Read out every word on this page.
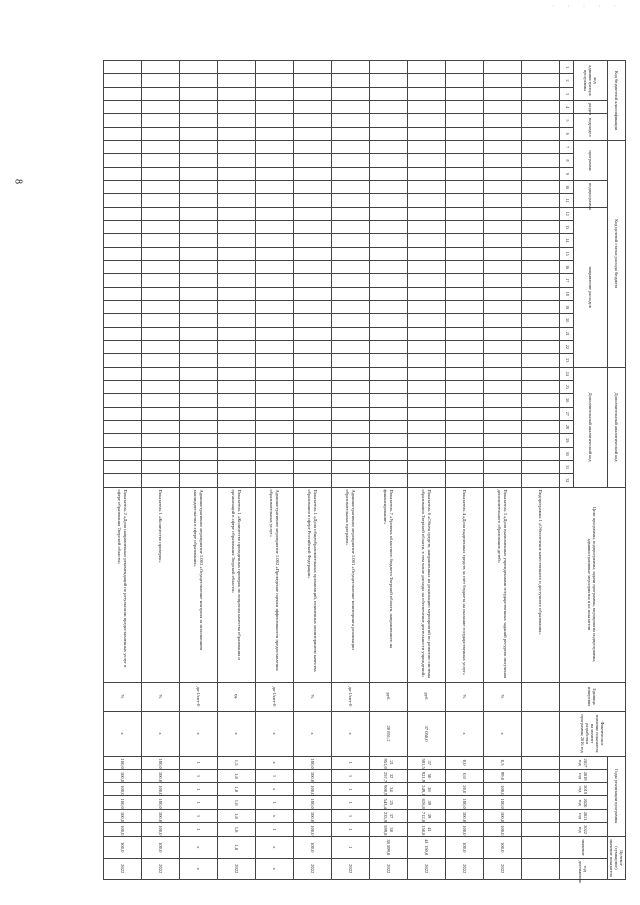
· · · · ·
8
Код бюджетной классификации						Код целевой статьи расхода бюджета																	Дополнительный аналитический код									Цели программы, подпрограммы, задачи программы, мероприятия подпрограммы, административные мероприятия и их показатели	Единица измерения	Фактическое значение показателя на момент разработки программы 2016 год	Годы реализации программы						Целевое (суммарное) значение показателя	
код администратора программы			раздел	подраздел		программа			подпрограмма		направление расходов												Дополнительный аналитический код												2017 год	2018 год	2019 год	2020 год	2021 год	2022 год	значение	год достижения
1	2	3	4	5	6	7	8	9	10	11	12	13	14	15	16	17	18	19	20	21	22	23	24	25	26	27	28	29	30	31	32											
																																Подпрограмма 1 «Обеспечение качественного и доступного образования»										
																																Показатель 3 «Доля выполненных учреждениями государственных заданий ресурсов получения дополнительного образования детей»	%	х	0,5	99,0	100,0	100,0	100,0	100,0	100,0	2022
																																Показатель 4 «Доля выделенных средств за счёт бюджета на оказание государственных услуг»	%	х	0,0	0,0	20,0	100,0	100,0	100,0	100,0	2022
																																Показатель 6 «Объем средств, направленных на реализацию мероприятий по развитию системы образования Тверской области, в том числе расходы на обеспечение деятельности учреждений»	руб.	37 050,0	37 591,5	50 921,9	38 249,1	39 826,8	39 712,8	41 150,8	41 150,8	2022
																																Показатель 7 «Уровень областного бюджета Тверской области, направленного на финансирование»	руб.	20 851,2	21 951,0	32 257,7	34 900,9	25 543,4	37 235,9	38 599,8	38 599,8	2022
																																Административное мероприятие 1.001 «Осуществление мониторинга реализации образовательных программ»	да-1/нет-0	х	1	1	1	1	1	1	1	2022
																																Показатель 1 «Доля общеобразовательных организаций, охваченных мониторингом качества образования в сфере Российской Федерации»	%	х	100,0	100,0	100,0	100,0	100,0	100,0	100,0	2022
																																Административное мероприятие 1.002 «Проведение оценки эффективности предоставления образовательных услуг»	да-1/нет-0	х	х	1	х	1	х	1	х	х
																																Показатель 1 «Количество проведенных проверок по вопросам качества образования и организаций в сфере образования Тверской области»	ед.	х	1,5	1,8	1,8	1,8	1,8	1,8	1,8	2022
																																Административное мероприятие 1.003 «Осуществление контроля за исполнением законодательства в сфере образования»	да-1/нет-0	х	1	1	1	1	1	1	х	х
																																Показатель 1 «Количество проверок»	%	х	100,0	100,0	100,0	100,0	100,0	100,0	100,0	2022
																																Показатель 2 «Доля направленных рекомендаций по результатам предоставленных услуг в сфере образования Тверской области»	%	х	100,0	100,0	100,0	100,0	100,0	100,0	100,0	2022
